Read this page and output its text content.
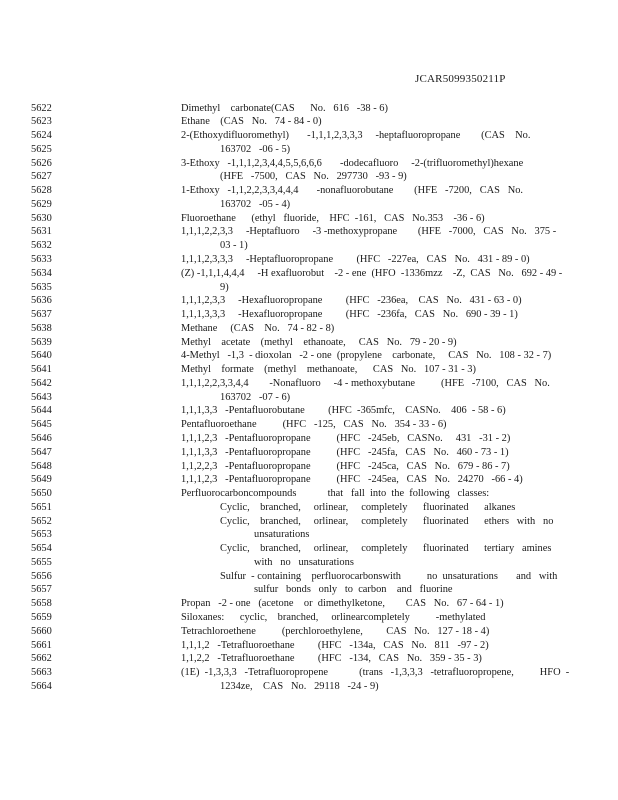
JCAR5099350211P
5622	Dimethyl    carbonate(CAS      No.   616   -38 - 6)
5623	Ethane    (CAS   No.   74 - 84 - 0)
5624	2-(Ethoxydifluoromethyl)       -1,1,1,2,3,3,3     -heptafluoropropane        (CAS    No.
5625	163702   -06 - 5)
5626	3-Ethoxy   -1,1,1,2,3,4,4,5,5,6,6,6       -dodecafluoro     -2-(trifluoromethyl)hexane
5627	(HFE   -7500,   CAS   No.   297730   -93 - 9)
5628	1-Ethoxy   -1,1,2,2,3,3,4,4,4       -nonafluorobutane        (HFE   -7200,   CAS   No.
5629	163702   -05 - 4)
5630	Fluoroethane      (ethyl   fluoride,    HFC  -161,   CAS   No.353    -36 - 6)
5631	1,1,1,2,2,3,3     -Heptafluoro     -3 -methoxypropane        (HFE   -7000,   CAS   No.   375 -
5632	03 - 1)
5633	1,1,1,2,3,3,3     -Heptafluoropropane         (HFC   -227ea,   CAS   No.   431 - 89 - 0)
5634	(Z) -1,1,1,4,4,4     -H exafluorobut    -2 - ene  (HFO  -1336mzz    -Z,  CAS   No.   692 - 49 -
5635	9)
5636	1,1,1,2,3,3     -Hexafluoropropane         (HFC   -236ea,    CAS   No.   431 - 63 - 0)
5637	1,1,1,3,3,3     -Hexafluoropropane         (HFC   -236fa,   CAS   No.   690 - 39 - 1)
5638	Methane     (CAS    No.   74 - 82 - 8)
5639	Methyl    acetate    (methyl    ethanoate,     CAS   No.   79 - 20 - 9)
5640	4-Methyl   -1,3  - dioxolan   -2 - one  (propylene    carbonate,     CAS   No.   108 - 32 - 7)
5641	Methyl    formate    (methyl    methanoate,      CAS   No.   107 - 31 - 3)
5642	1,1,1,2,2,3,3,4,4        -Nonafluoro     -4 - methoxybutane          (HFE   -7100,   CAS   No.
5643	163702   -07 - 6)
5644	1,1,1,3,3   -Pentafluorobutane         (HFC  -365mfc,    CASNo.    406  - 58 - 6)
5645	Pentafluoroethane          (HFC   -125,   CAS   No.   354 - 33 - 6)
5646	1,1,1,2,3   -Pentafluoropropane          (HFC   -245eb,   CASNo.     431   -31 - 2)
5647	1,1,1,3,3   -Pentafluoropropane          (HFC   -245fa,   CAS   No.   460 - 73 - 1)
5648	1,1,2,2,3   -Pentafluoropropane          (HFC   -245ca,   CAS   No.   679 - 86 - 7)
5649	1,1,1,2,3   -Pentafluoropropane          (HFC   -245ea,   CAS   No.   24270   -66 - 4)
5650	Perfluorocarboncompounds            that   fall  into  the  following   classes:
5651	Cyclic,    branched,     orlinear,     completely      fluorinated      alkanes
5652	Cyclic,    branched,     orlinear,     completely      fluorinated      ethers   with   no
5653	unsaturations
5654	Cyclic,    branched,     orlinear,     completely      fluorinated      tertiary   amines
5655	with   no   unsaturations
5656	Sulfur  - containing    perfluorocarbonswith          no  unsaturations       and   with
5657	sulfur   bonds   only   to  carbon    and   fluorine
5658	Propan   -2 - one   (acetone    or  dimethylketone,        CAS   No.   67 - 64 - 1)
5659	Siloxanes:      cyclic,    branched,     orlinearcompletely          -methylated
5660	Tetrachloroethene          (perchloroethylene,         CAS   No.   127 - 18 - 4)
5661	1,1,1,2   -Tetrafluoroethane         (HFC   -134a,   CAS   No.   811   -97 - 2)
5662	1,1,2,2   -Tetrafluoroethane         (HFC   -134,   CAS   No.   359 - 35 - 3)
5663	(1E)  -1,3,3,3   -Tetrafluoropropene            (trans   -1,3,3,3   -tetrafluoropropene,          HFO  -
5664	1234ze,    CAS   No.   29118   -24 - 9)
